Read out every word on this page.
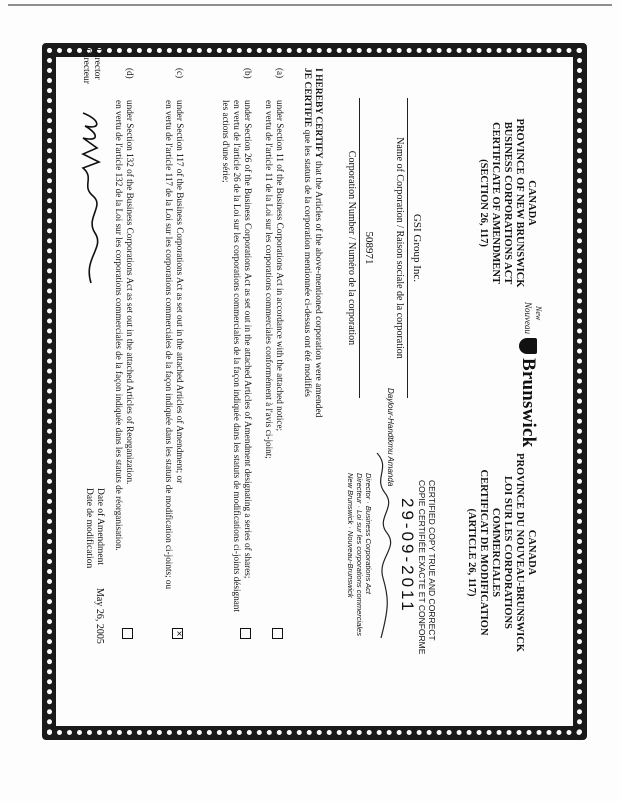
CANADA
PROVINCE OF NEW BRUNSWICK
BUSINESS CORPORATIONS ACT
CERTIFICATE OF AMENDMENT
(SECTION 26, 117)
New
Nouveau
Brunswick
CANADA
PROVINCE DU NOUVEAU-BRUNSWICK
LOI SUR LES CORPORATIONS COMMERCIALES
CERTIFICAT DE MODIFICATION
(ARTICLE 26, 117)
CERTIFIED COPY TRUE AND CORRECT
COPIE CERTIFIÉE EXACTE ET CONFORME
29-09-2011
Daylour-Handtkmu Amanda
Director · Business Corporations Act
Directeur · Loi sur les corporations commerciales
New Brunswick · Nouveau-Brunswick
GSI Group Inc.
Name of Corporation / Raison sociale de la corporation
508971
Corporation Number / Numéro de la corporation
I HEREBY CERTIFY that the Articles of the above-mentioned corporation were amended
JE CERTIFIE que les statuts de la corporation mentionnée ci-dessus ont été modifiés
(a)
under Section 11 of the Business Corporations Act in accordance with the attached notice;
en vertu de l'article 11 de la Loi sur les corporations commerciales conformément à l'avis ci-joint;
(b)
under Section 26 of the Business Corporations Act as set out in the attached Articles of Amendment designating a series of shares;
en vertu de l'article 26 de la Loi sur les corporations commerciales de la façon indiquée dans les statuts de modifications ci-joints désignant les actions d'une série;
(c)
under Section 117 of the Business Corporations Act as set out in the attached Articles of Amendment; or
en vertu de l'article 117 de la Loi sur les corporations commerciales de la façon indiquée dans les statuts de modification ci-joints; ou
×
(d)
under Section 132 of the Business Corporations Act as set out in the attached Articles of Reorganization.
en vertu de l'article 132 de la Loi sur les corporations commerciales de la façon indiquée dans les statuts de réorganisation.
Director
Directeur
Date of Amendment
Date de modification
May 26, 2005
